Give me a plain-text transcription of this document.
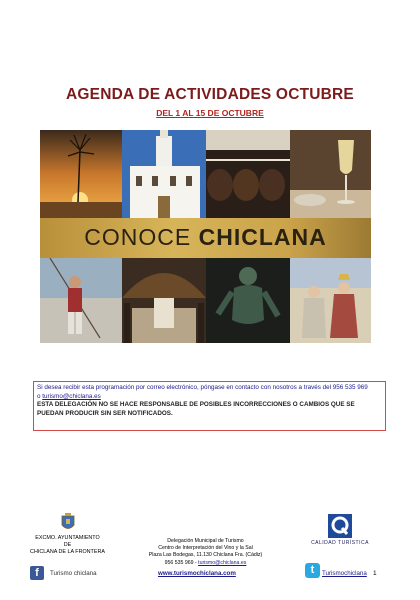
AGENDA DE ACTIVIDADES OCTUBRE
DEL 1 AL 15 DE OCTUBRE
CONOCE CHICLANA
Si desea recibir esta programación por correo electrónico, póngase en contacto con nosotros a través del 956 535 969
o turismo@chiclana.es
ESTA DELEGACIÓN NO SE HACE RESPONSABLE DE POSIBLES INCORRECCIONES O CAMBIOS QUE SE PUEDAN PRODUCIR SIN SER NOTIFICADOS.
EXCMO. AYUNTAMIENTO
DE
CHICLANA DE LA FRONTERA
Delegación Municipal de Turismo
Centro de Interpretación del Vino y la Sal
Plaza Las Bodegas, 11.130 Chiclana Fra. (Cádiz)
956 535 969 - turismo@chiclana.es
CALIDAD TURÍSTICA
f	Turismo chiclana	www.turismochiclana.com	t	Turismochiclana 1
